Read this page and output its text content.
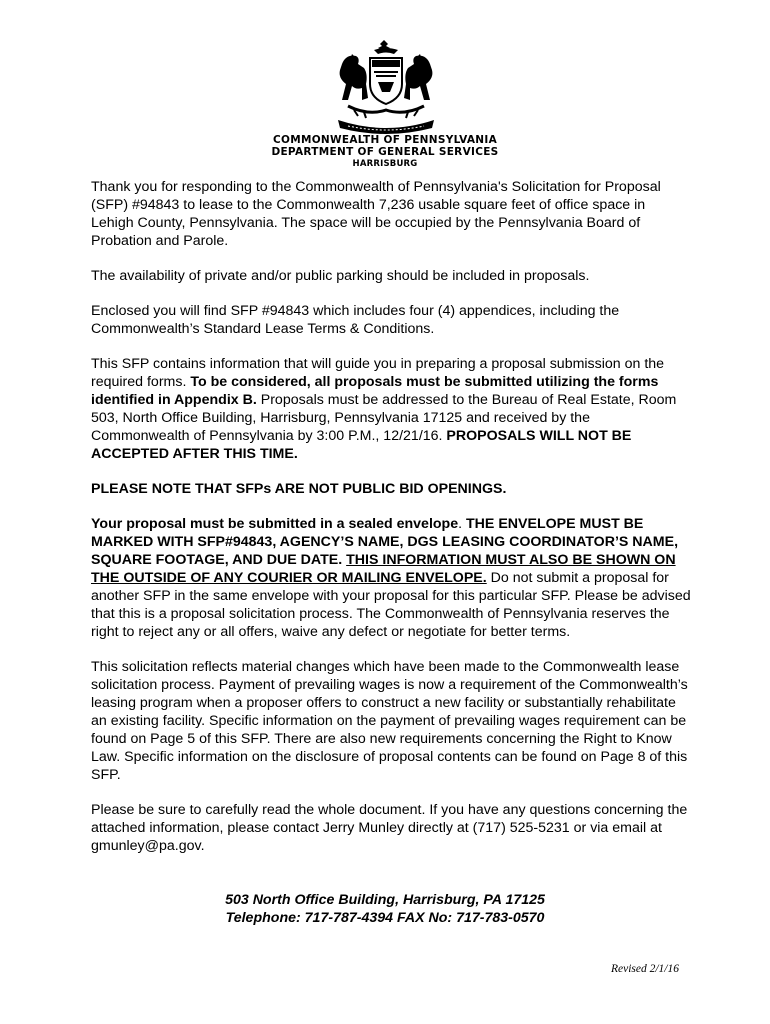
COMMONWEALTH OF PENNSYLVANIA
DEPARTMENT OF GENERAL SERVICES
HARRISBURG

Thank you for responding to the Commonwealth of Pennsylvania's Solicitation for Proposal (SFP) #94843 to lease to the Commonwealth 7,236 usable square feet of office space in Lehigh County, Pennsylvania. The space will be occupied by the Pennsylvania Board of Probation and Parole.

The availability of private and/or public parking should be included in proposals.

Enclosed you will find SFP #94843 which includes four (4) appendices, including the Commonwealth’s Standard Lease Terms & Conditions.

This SFP contains information that will guide you in preparing a proposal submission on the required forms. To be considered, all proposals must be submitted utilizing the forms identified in Appendix B. Proposals must be addressed to the Bureau of Real Estate, Room 503, North Office Building, Harrisburg, Pennsylvania 17125 and received by the Commonwealth of Pennsylvania by 3:00 P.M., 12/21/16. PROPOSALS WILL NOT BE ACCEPTED AFTER THIS TIME.

PLEASE NOTE THAT SFPs ARE NOT PUBLIC BID OPENINGS.

Your proposal must be submitted in a sealed envelope. THE ENVELOPE MUST BE MARKED WITH SFP#94843, AGENCY’S NAME, DGS LEASING COORDINATOR’S NAME, SQUARE FOOTAGE, AND DUE DATE. THIS INFORMATION MUST ALSO BE SHOWN ON THE OUTSIDE OF ANY COURIER OR MAILING ENVELOPE. Do not submit a proposal for another SFP in the same envelope with your proposal for this particular SFP. Please be advised that this is a proposal solicitation process. The Commonwealth of Pennsylvania reserves the right to reject any or all offers, waive any defect or negotiate for better terms.

This solicitation reflects material changes which have been made to the Commonwealth lease solicitation process. Payment of prevailing wages is now a requirement of the Commonwealth’s leasing program when a proposer offers to construct a new facility or substantially rehabilitate an existing facility. Specific information on the payment of prevailing wages requirement can be found on Page 5 of this SFP. There are also new requirements concerning the Right to Know Law. Specific information on the disclosure of proposal contents can be found on Page 8 of this SFP.

Please be sure to carefully read the whole document. If you have any questions concerning the attached information, please contact Jerry Munley directly at (717) 525-5231 or via email at gmunley@pa.gov.

503 North Office Building, Harrisburg, PA 17125
Telephone: 717-787-4394 FAX No: 717-783-0570
Revised 2/1/16
